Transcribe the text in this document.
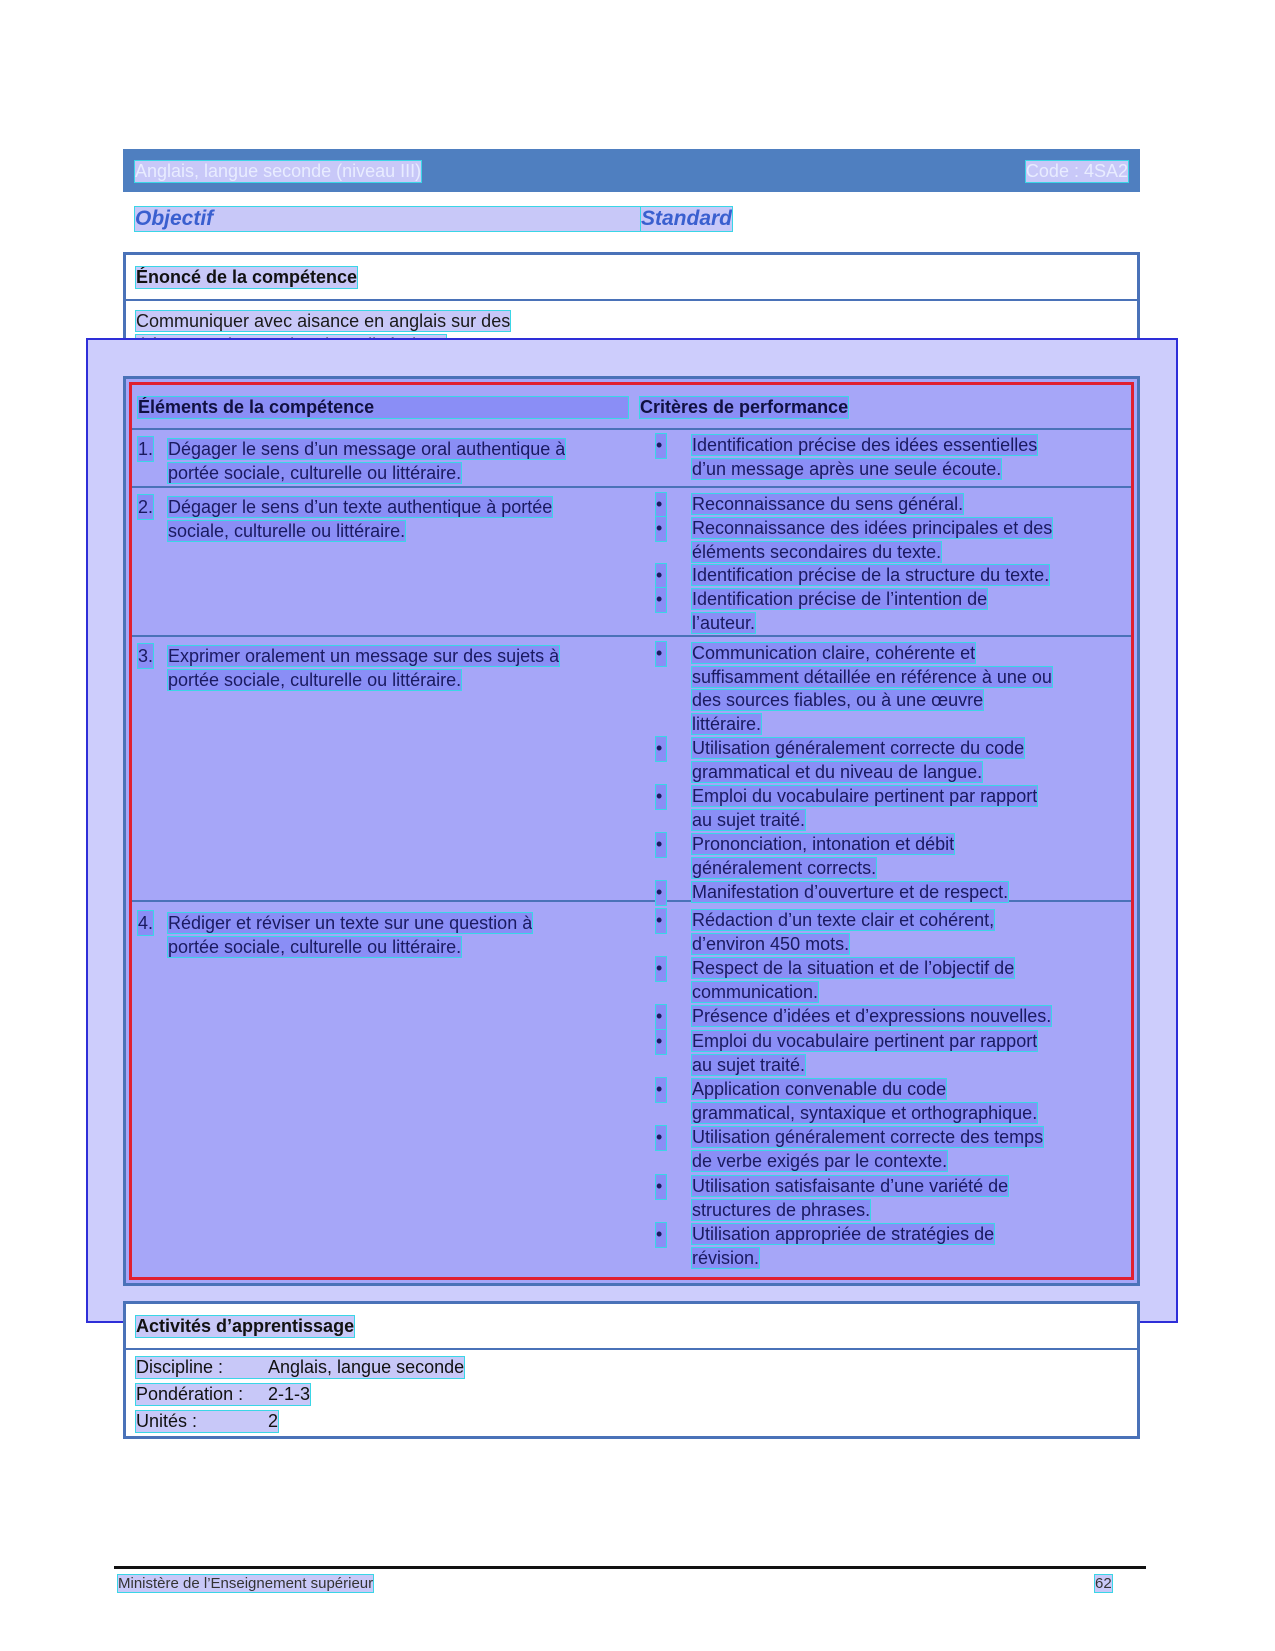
Anglais, langue seconde (niveau III)	Code : 4SA2
Objectif	Standard
Énoncé de la compétence
Communiquer avec aisance en anglais sur des

Éléments de la compétence	Critères de performance
1. Dégager le sens d’un message oral authentique à
portée sociale, culturelle ou littéraire.
• Identification précise des idées essentielles
d’un message après une seule écoute.
2. Dégager le sens d’un texte authentique à portée
sociale, culturelle ou littéraire.
• Reconnaissance du sens général.
• Reconnaissance des idées principales et des
éléments secondaires du texte.
• Identification précise de la structure du texte.
• Identification précise de l’intention de
l’auteur.
3. Exprimer oralement un message sur des sujets à
portée sociale, culturelle ou littéraire.
• Communication claire, cohérente et
suffisamment détaillée en référence à une ou
des sources fiables, ou à une œuvre
littéraire.
• Utilisation généralement correcte du code
grammatical et du niveau de langue.
• Emploi du vocabulaire pertinent par rapport
au sujet traité.
• Prononciation, intonation et débit
généralement corrects.
• Manifestation d’ouverture et de respect.
4. Rédiger et réviser un texte sur une question à
portée sociale, culturelle ou littéraire.
• Rédaction d’un texte clair et cohérent,
d’environ 450 mots.
• Respect de la situation et de l’objectif de
communication.
• Présence d’idées et d’expressions nouvelles.
• Emploi du vocabulaire pertinent par rapport
au sujet traité.
• Application convenable du code
grammatical, syntaxique et orthographique.
• Utilisation généralement correcte des temps
de verbe exigés par le contexte.
• Utilisation satisfaisante d’une variété de
structures de phrases.
• Utilisation appropriée de stratégies de
révision.
Activités d’apprentissage
Discipline : Anglais, langue seconde
Pondération : 2-1-3
Unités :	2
Ministère de l’Enseignement supérieur	62
